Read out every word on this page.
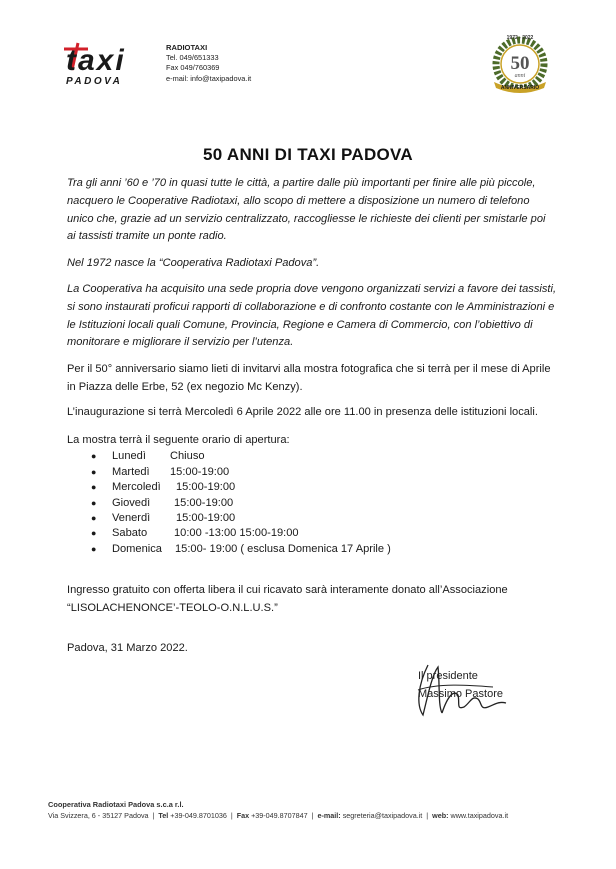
taxi
PADOVA
RADIOTAXI
Tel. 049/651333
Fax 049/760369
e-mail: info@taxipadova.it
1972 - 2022
50
anni
ANNIVERSARIO
50 ANNI DI TAXI PADOVA

Tra gli anni ’60 e ’70 in quasi tutte le città, a partire dalle più importanti per finire alle più piccole, nacquero le Cooperative Radiotaxi, allo scopo di mettere a disposizione un numero di telefono unico che, grazie ad un servizio centralizzato, raccogliesse le richieste dei clienti per smistarle poi ai tassisti tramite un ponte radio.

Nel 1972 nasce la “Cooperativa Radiotaxi Padova”.

La Cooperativa ha acquisito una sede propria dove vengono organizzati servizi a favore dei tassisti, si sono instaurati proficui rapporti di collaborazione e di confronto costante con le Amministrazioni e le Istituzioni locali quali Comune, Provincia, Regione e Camera di Commercio, con l’obiettivo di monitorare e migliorare il servizio per l’utenza.

Per il 50° anniversario siamo lieti di invitarvi alla mostra fotografica che si terrà per il mese di Aprile in Piazza delle Erbe, 52 (ex negozio Mc Kenzy).

L’inaugurazione si terrà Mercoledì 6 Aprile 2022 alle ore 11.00 in presenza delle istituzioni locali.

La mostra terrà il seguente orario di apertura:
● Lunedì Chiuso
● Martedì 15:00-19:00
● Mercoledì 15:00-19:00
● Giovedì 15:00-19:00
● Venerdì 15:00-19:00
● Sabato 10:00 -13:00 15:00-19:00
● Domenica 15:00- 19:00 ( esclusa Domenica 17 Aprile )

Ingresso gratuito con offerta libera il cui ricavato sarà interamente donato all’Associazione “LISOLACHENONCE’-TEOLO-O.N.L.U.S.”

Padova, 31 Marzo 2022.

Il presidente
Massimo Pastore
Cooperativa Radiotaxi Padova s.c.a r.l.
Via Svizzera, 6 - 35127 Padova  |  Tel +39-049.8701036  |  Fax +39-049.8707847  |  e-mail: segreteria@taxipadova.it  |  web: www.taxipadova.it
